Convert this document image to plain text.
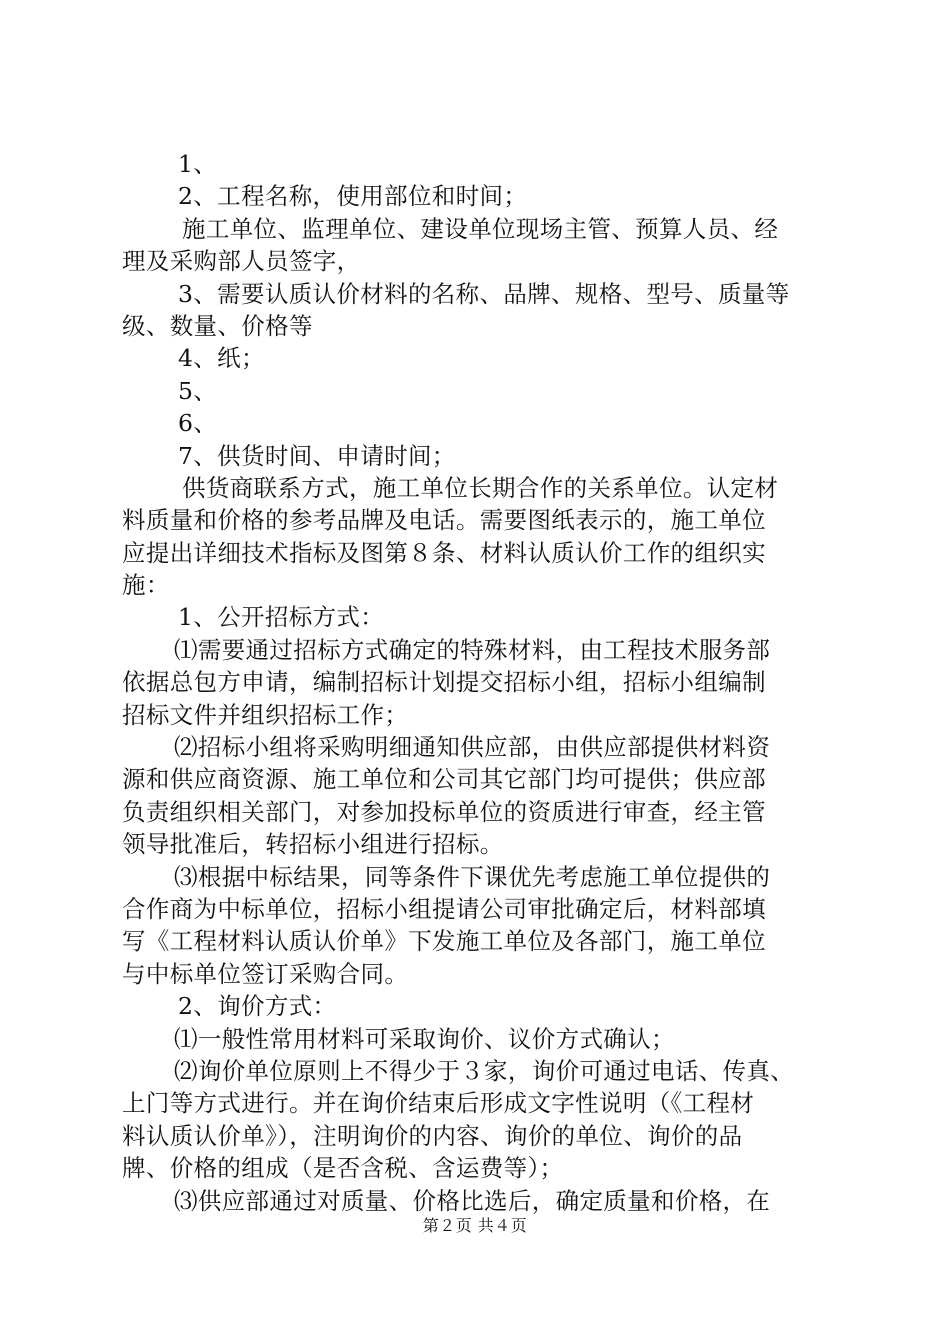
1、
2、工程名称，使用部位和时间；
施工单位、监理单位、建设单位现场主管、预算人员、经
理及采购部人员签字，
3、需要认质认价材料的名称、品牌、规格、型号、质量等
级、数量、价格等
4、纸；
5、
6、
7、供货时间、申请时间；
供货商联系方式，施工单位长期合作的关系单位。认定材
料质量和价格的参考品牌及电话。需要图纸表示的，施工单位
应提出详细技术指标及图第８条、材料认质认价工作的组织实
施：
1、公开招标方式：
⑴需要通过招标方式确定的特殊材料，由工程技术服务部
依据总包方申请，编制招标计划提交招标小组，招标小组编制
招标文件并组织招标工作；
⑵招标小组将采购明细通知供应部，由供应部提供材料资
源和供应商资源、施工单位和公司其它部门均可提供；供应部
负责组织相关部门，对参加投标单位的资质进行审查，经主管
领导批准后，转招标小组进行招标。
⑶根据中标结果，同等条件下课优先考虑施工单位提供的
合作商为中标单位，招标小组提请公司审批确定后，材料部填
写《工程材料认质认价单》下发施工单位及各部门，施工单位
与中标单位签订采购合同。
2、询价方式：
⑴一般性常用材料可采取询价、议价方式确认；
⑵询价单位原则上不得少于３家，询价可通过电话、传真、
上门等方式进行。并在询价结束后形成文字性说明（《工程材
料认质认价单》），注明询价的内容、询价的单位、询价的品
牌、价格的组成（是否含税、含运费等）；
⑶供应部通过对质量、价格比选后，确定质量和价格，在
第２页 共４页
